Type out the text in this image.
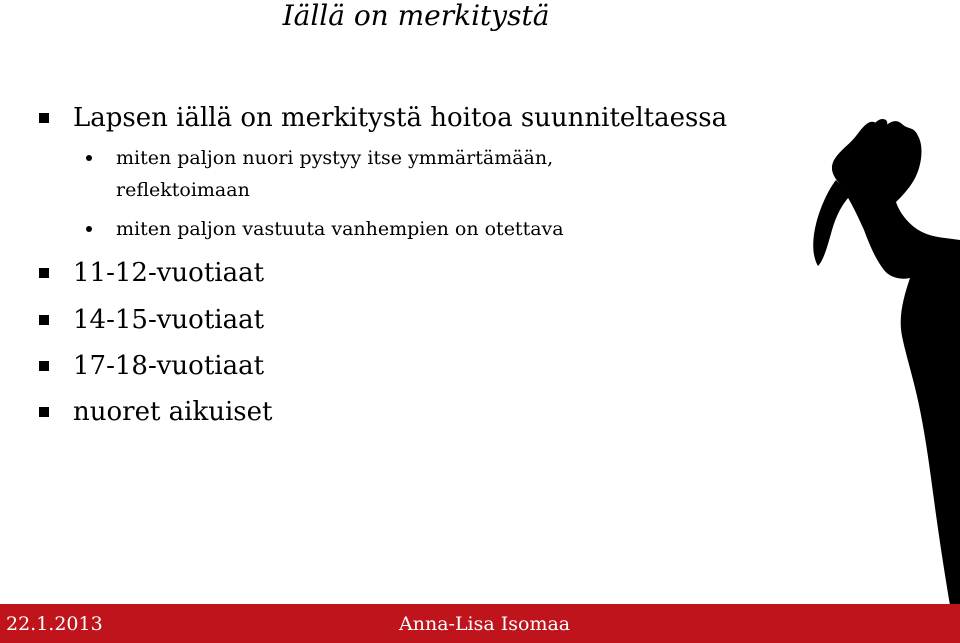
Iällä on merkitystä

Lapsen iällä on merkitystä hoitoa suunniteltaessa

miten paljon nuori pystyy itse ymmärtämään,

reflektoimaan

miten paljon vastuuta vanhempien on otettava

11-12-vuotiaat

14-15-vuotiaat

17-18-vuotiaat

nuoret aikuiset

22.1.2013	Anna-Lisa Isomaa
